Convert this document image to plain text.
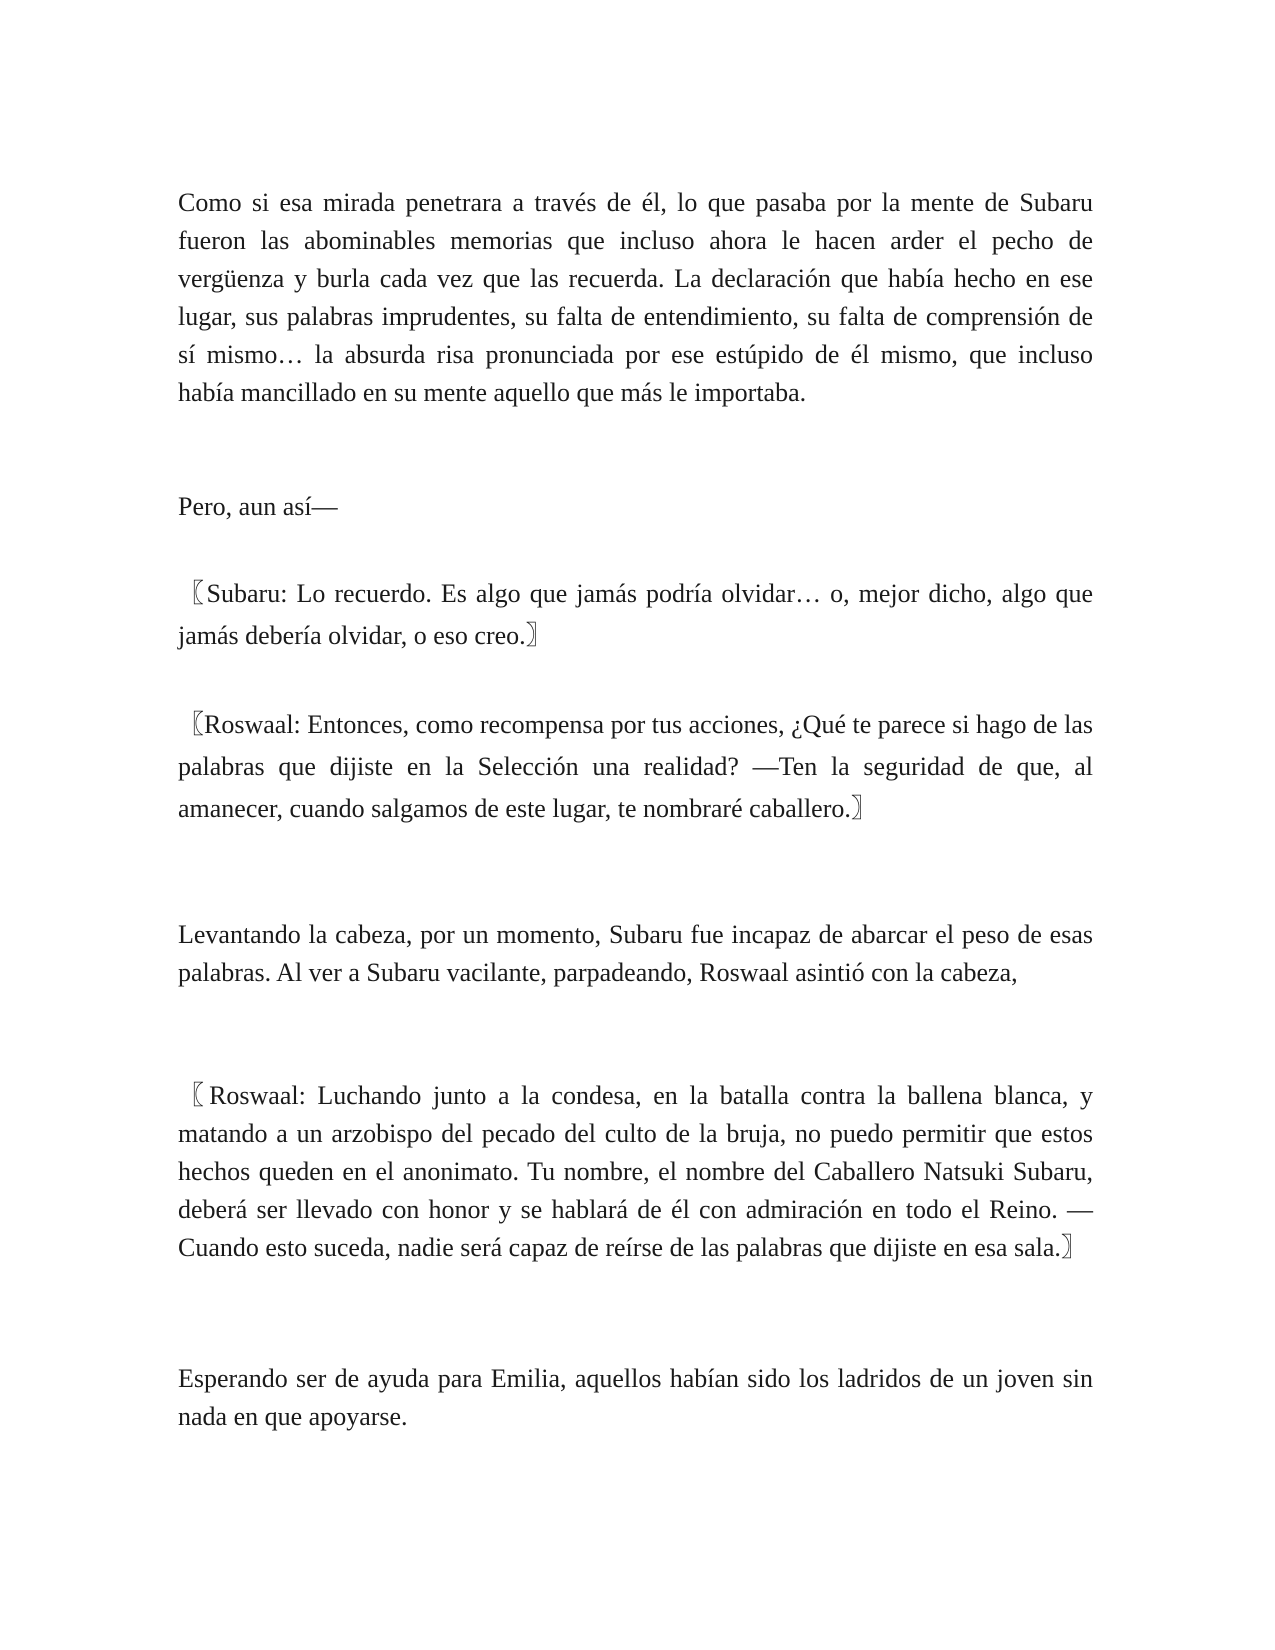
Como si esa mirada penetrara a través de él, lo que pasaba por la mente de Subaru fueron las abominables memorias que incluso ahora le hacen arder el pecho de vergüenza y burla cada vez que las recuerda. La declaración que había hecho en ese lugar, sus palabras imprudentes, su falta de entendimiento, su falta de comprensión de sí mismo… la absurda risa pronunciada por ese estúpido de él mismo, que incluso había mancillado en su mente aquello que más le importaba.

Pero, aun así—

〖Subaru: Lo recuerdo. Es algo que jamás podría olvidar… o, mejor dicho, algo que jamás debería olvidar, o eso creo.〗

〖Roswaal: Entonces, como recompensa por tus acciones, ¿Qué te parece si hago de las palabras que dijiste en la Selección una realidad? —Ten la seguridad de que, al amanecer, cuando salgamos de este lugar, te nombraré caballero.〗

Levantando la cabeza, por un momento, Subaru fue incapaz de abarcar el peso de esas palabras. Al ver a Subaru vacilante, parpadeando, Roswaal asintió con la cabeza,

〖Roswaal: Luchando junto a la condesa, en la batalla contra la ballena blanca, y matando a un arzobispo del pecado del culto de la bruja, no puedo permitir que estos hechos queden en el anonimato. Tu nombre, el nombre del Caballero Natsuki Subaru, deberá ser llevado con honor y se hablará de él con admiración en todo el Reino. —Cuando esto suceda, nadie será capaz de reírse de las palabras que dijiste en esa sala.〗

Esperando ser de ayuda para Emilia, aquellos habían sido los ladridos de un joven sin nada en que apoyarse.
